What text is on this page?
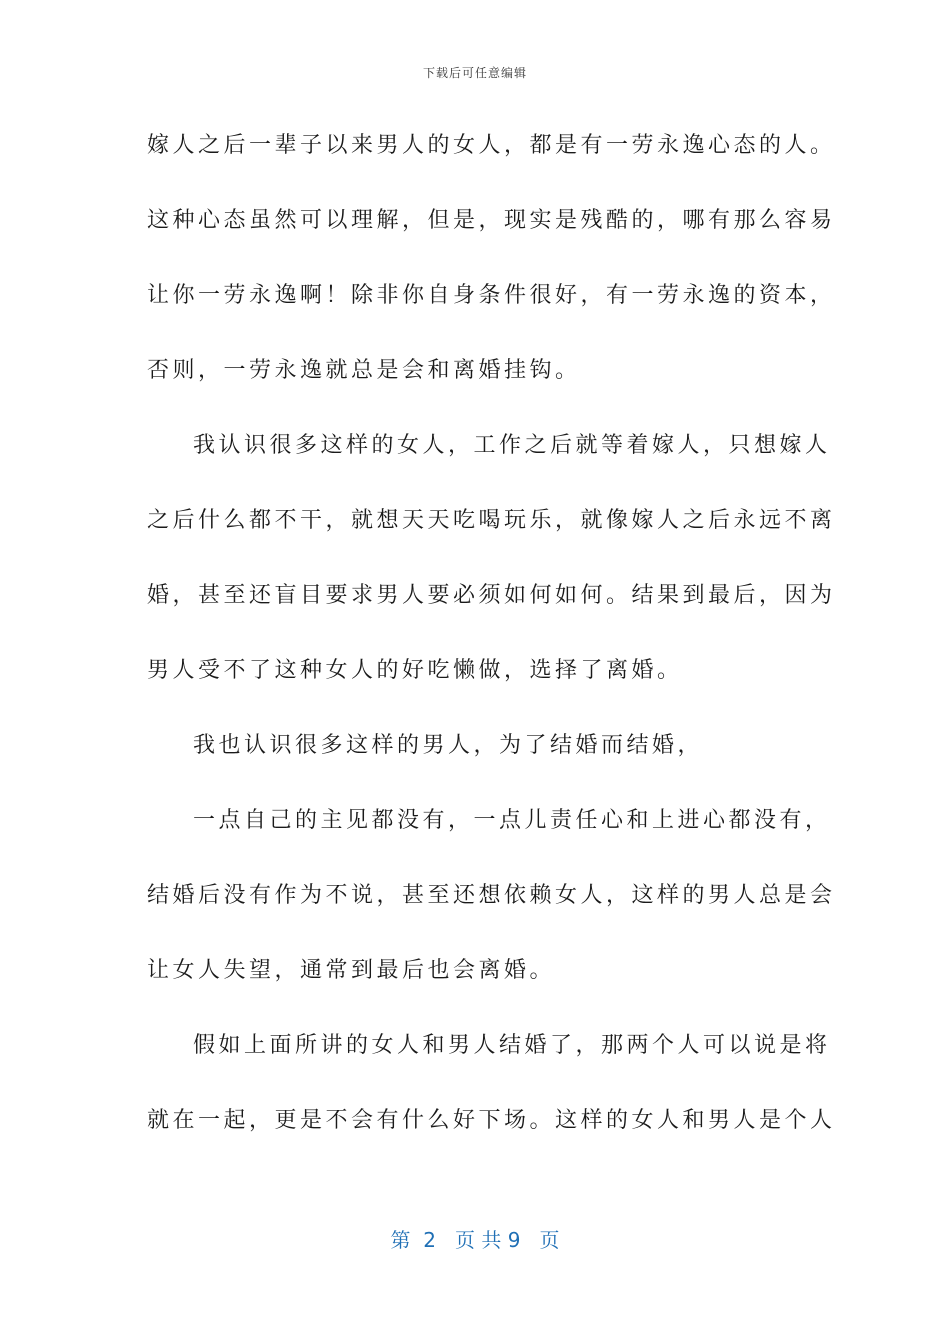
下载后可任意编辑
嫁人之后一辈子以来男人的女人，都是有一劳永逸心态的人。
这种心态虽然可以理解，但是，现实是残酷的，哪有那么容易
让你一劳永逸啊！除非你自身条件很好，有一劳永逸的资本，
否则，一劳永逸就总是会和离婚挂钩。
我认识很多这样的女人，工作之后就等着嫁人，只想嫁人
之后什么都不干，就想天天吃喝玩乐，就像嫁人之后永远不离
婚，甚至还盲目要求男人要必须如何如何。结果到最后，因为
男人受不了这种女人的好吃懒做，选择了离婚。
我也认识很多这样的男人，为了结婚而结婚，
一点自己的主见都没有，一点儿责任心和上进心都没有，
结婚后没有作为不说，甚至还想依赖女人，这样的男人总是会
让女人失望，通常到最后也会离婚。
假如上面所讲的女人和男人结婚了，那两个人可以说是将
就在一起，更是不会有什么好下场。这样的女人和男人是个人
第  2   页 共 9   页
